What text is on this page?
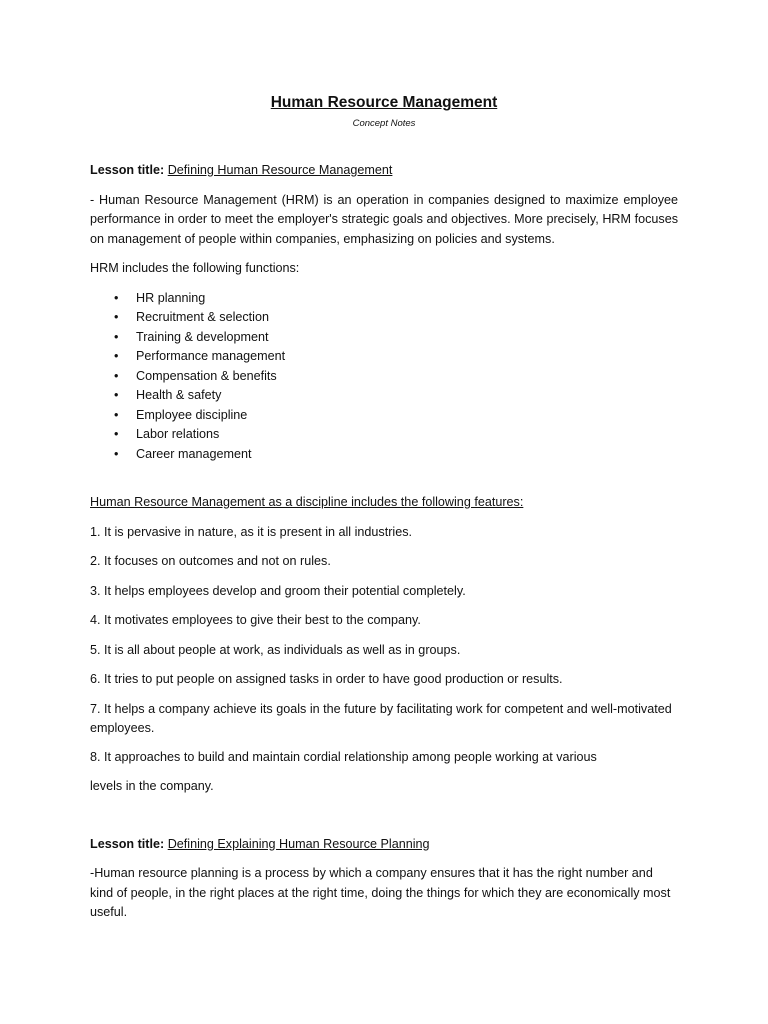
Human Resource Management
Concept Notes

Lesson title: Defining Human Resource Management

- Human Resource Management (HRM) is an operation in companies designed to maximize employee performance in order to meet the employer's strategic goals and objectives. More precisely, HRM focuses on management of people within companies, emphasizing on policies and systems.

HRM includes the following functions:

• HR planning
• Recruitment & selection
• Training & development
• Performance management
• Compensation & benefits
• Health & safety
• Employee discipline
• Labor relations
• Career management

Human Resource Management as a discipline includes the following features:

1. It is pervasive in nature, as it is present in all industries.

2. It focuses on outcomes and not on rules.

3. It helps employees develop and groom their potential completely.

4. It motivates employees to give their best to the company.

5. It is all about people at work, as individuals as well as in groups.

6. It tries to put people on assigned tasks in order to have good production or results.

7. It helps a company achieve its goals in the future by facilitating work for competent and well-motivated employees.

8. It approaches to build and maintain cordial relationship among people working at various

levels in the company.

Lesson title: Defining Explaining Human Resource Planning

-Human resource planning is a process by which a company ensures that it has the right number and kind of people, in the right places at the right time, doing the things for which they are economically most useful.
